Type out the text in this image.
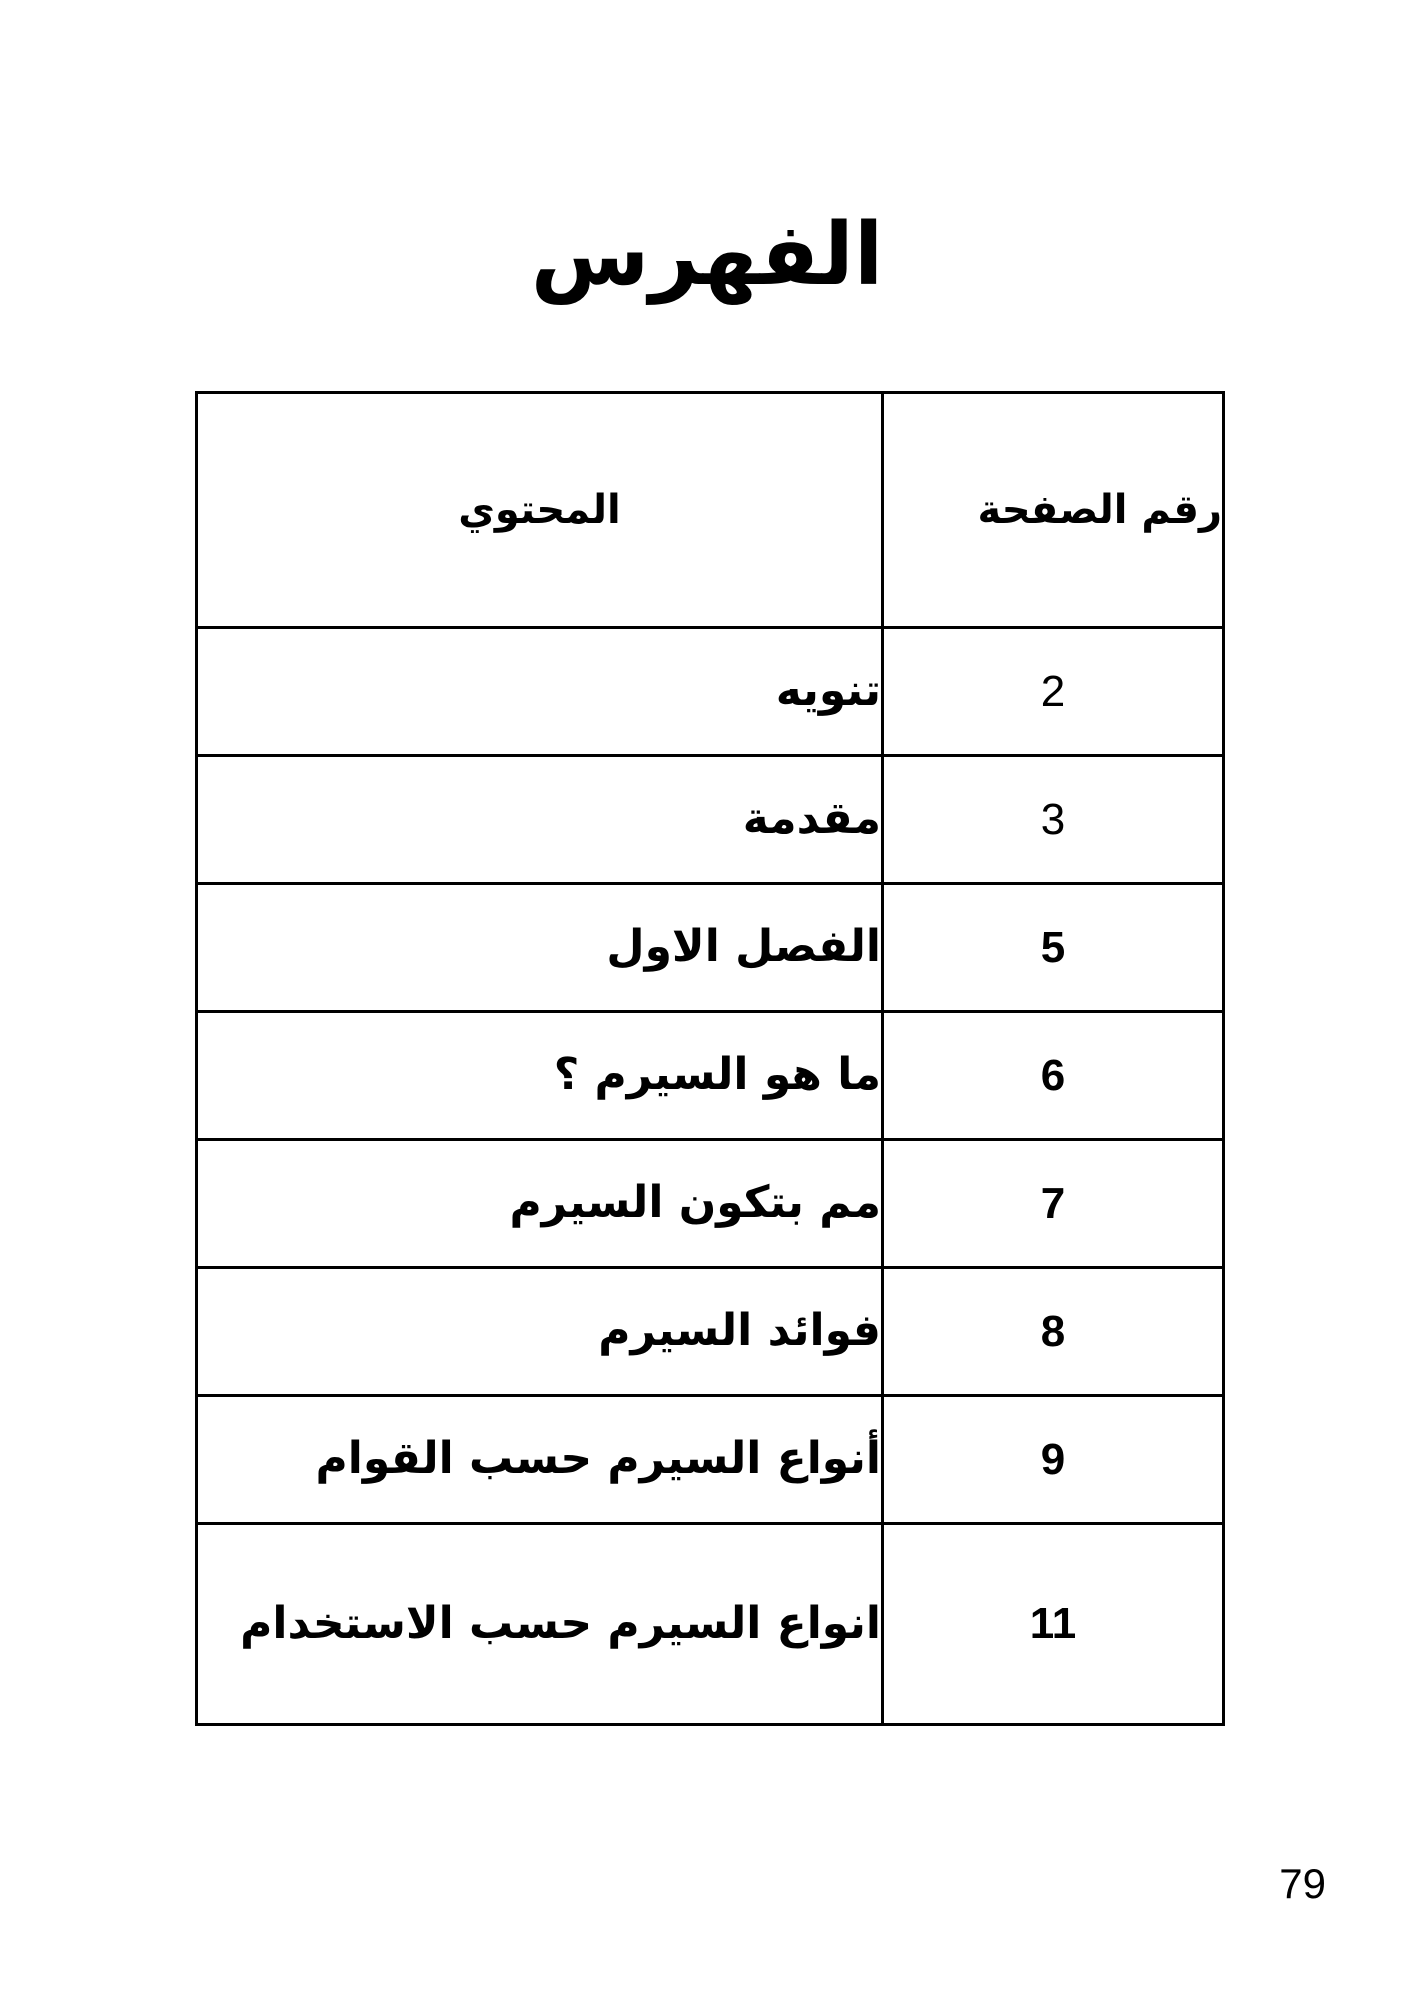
الفهرس
رقم الصفحة	المحتوي
2	تنويه
3	مقدمة
5	الفصل الاول
6	ما هو السيرم ؟
7	مم بتكون السيرم
8	فوائد السيرم
9	أنواع السيرم حسب القوام
11	انواع السيرم حسب الاستخدام
79
